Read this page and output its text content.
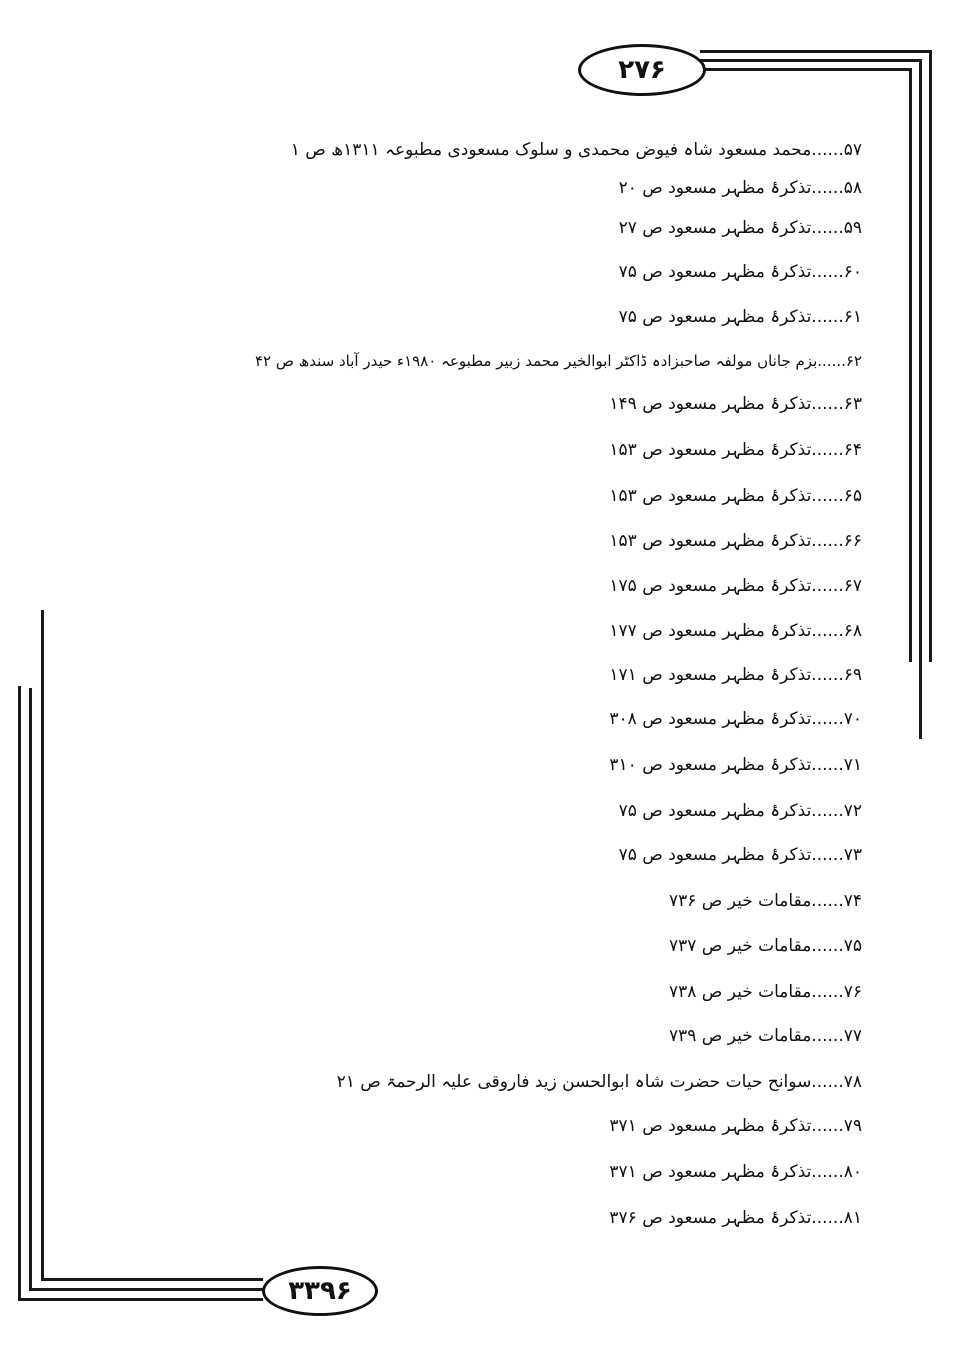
۲۷۶
۳۳۹۶
۵۷......محمد مسعود شاہ فیوض محمدی و سلوک مسعودی مطبوعہ ۱۳۱۱ھ ص ۱
۵۸......تذکرۂ مظہر مسعود ص ۲۰
۵۹......تذکرۂ مظہر مسعود ص ۲۷
۶۰......تذکرۂ مظہر مسعود ص ۷۵
۶۱......تذکرۂ مظہر مسعود ص ۷۵
۶۲......بزم جاناں مولفہ صاحبزادہ ڈاکٹر ابوالخیر محمد زبیر مطبوعہ ۱۹۸۰ء حیدر آباد سندھ ص ۴۲
۶۳......تذکرۂ مظہر مسعود ص ۱۴۹
۶۴......تذکرۂ مظہر مسعود ص ۱۵۳
۶۵......تذکرۂ مظہر مسعود ص ۱۵۳
۶۶......تذکرۂ مظہر مسعود ص ۱۵۳
۶۷......تذکرۂ مظہر مسعود ص ۱۷۵
۶۸......تذکرۂ مظہر مسعود ص ۱۷۷
۶۹......تذکرۂ مظہر مسعود ص ۱۷۱
۷۰......تذکرۂ مظہر مسعود ص ۳۰۸
۷۱......تذکرۂ مظہر مسعود ص ۳۱۰
۷۲......تذکرۂ مظہر مسعود ص ۷۵
۷۳......تذکرۂ مظہر مسعود ص ۷۵
۷۴......مقامات خیر ص ۷۳۶
۷۵......مقامات خیر ص ۷۳۷
۷۶......مقامات خیر ص ۷۳۸
۷۷......مقامات خیر ص ۷۳۹
۷۸......سوانح حیات حضرت شاہ ابوالحسن زید فاروقی علیہ الرحمۃ ص ۲۱
۷۹......تذکرۂ مظہر مسعود ص ۳۷۱
۸۰......تذکرۂ مظہر مسعود ص ۳۷۱
۸۱......تذکرۂ مظہر مسعود ص ۳۷۶
